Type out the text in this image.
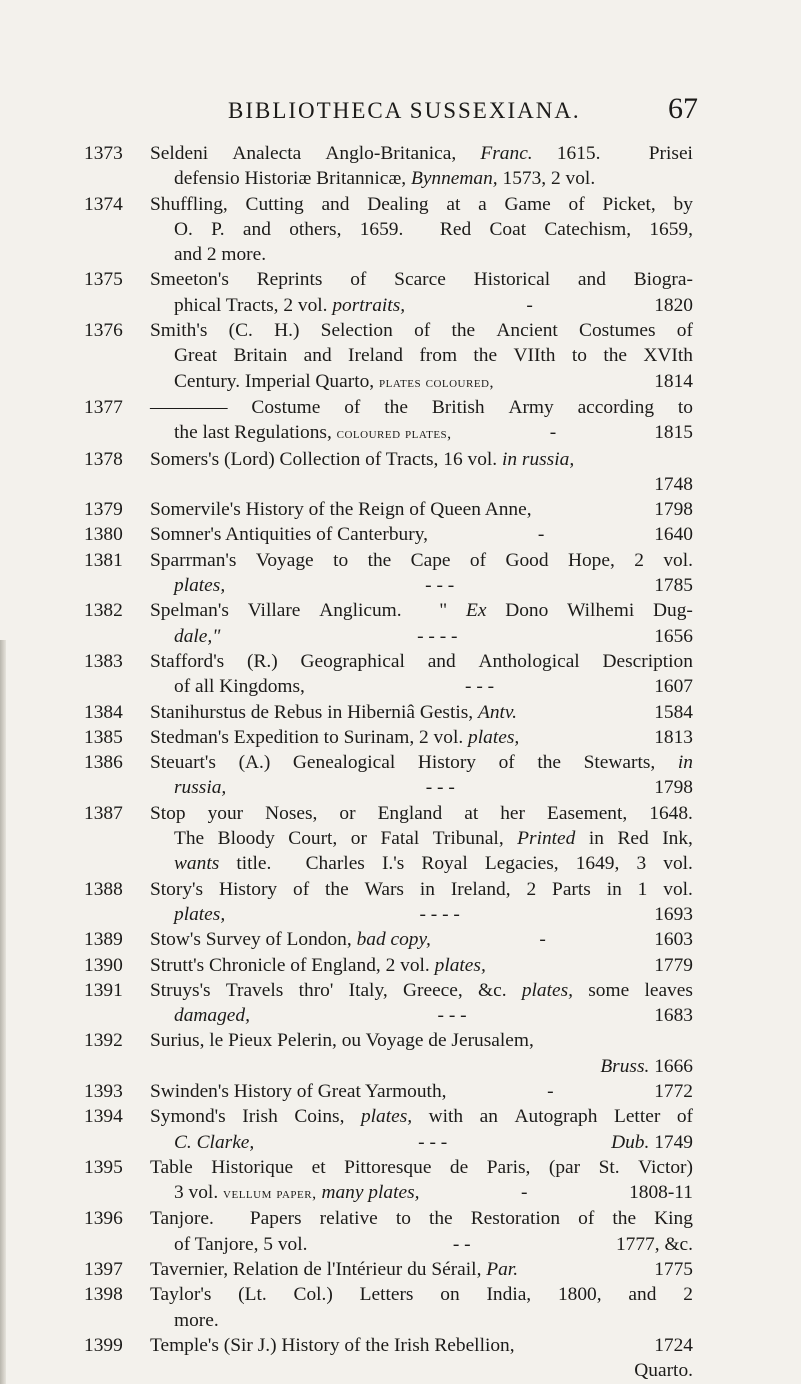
BIBLIOTHECA SUSSEXIANA.	67
1373	Seldeni Analecta Anglo-Britanica, Franc. 1615. Prisei
defensio Historiæ Britannicæ, Bynneman, 1573, 2 vol.
1374	Shuffling, Cutting and Dealing at a Game of Picket, by
O. P. and others, 1659. Red Coat Catechism, 1659,
and 2 more.
1375	Smeeton's Reprints of Scarce Historical and Biogra-
phical Tracts, 2 vol. portraits,	-	1820
1376	Smith's (C. H.) Selection of the Ancient Costumes of
Great Britain and Ireland from the VIIth to the XVIth
Century. Imperial Quarto, plates coloured,	1814
1377	———— Costume of the British Army according to
the last Regulations, coloured plates,	-	1815
1378	Somers's (Lord) Collection of Tracts, 16 vol. in russia,
1748
1379	Somervile's History of the Reign of Queen Anne,	1798
1380	Somner's Antiquities of Canterbury,	-	1640
1381	Sparrman's Voyage to the Cape of Good Hope, 2 vol.
plates,	- - -	1785
1382	Spelman's Villare Anglicum. " Ex Dono Wilhemi Dug-
dale,"	- - - -	1656
1383	Stafford's (R.) Geographical and Anthological Description
of all Kingdoms,	- - -	1607
1384	Stanihurstus de Rebus in Hiberniâ Gestis, Antv.	1584
1385	Stedman's Expedition to Surinam, 2 vol. plates,	1813
1386	Steuart's (A.) Genealogical History of the Stewarts, in
russia,	- - -	1798
1387	Stop your Noses, or England at her Easement, 1648.
The Bloody Court, or Fatal Tribunal, Printed in Red Ink,
wants title. Charles I.'s Royal Legacies, 1649, 3 vol.
1388	Story's History of the Wars in Ireland, 2 Parts in 1 vol.
plates,	- - - -	1693
1389	Stow's Survey of London, bad copy,	-	1603
1390	Strutt's Chronicle of England, 2 vol. plates,	1779
1391	Struys's Travels thro' Italy, Greece, &c. plates, some leaves
damaged,	- - -	1683
1392	Surius, le Pieux Pelerin, ou Voyage de Jerusalem,
Bruss. 1666
1393	Swinden's History of Great Yarmouth,	-	1772
1394	Symond's Irish Coins, plates, with an Autograph Letter of
C. Clarke,	- - -	Dub. 1749
1395	Table Historique et Pittoresque de Paris, (par St. Victor)
3 vol. vellum paper, many plates,	-	1808-11
1396	Tanjore. Papers relative to the Restoration of the King
of Tanjore, 5 vol.	- -	1777, &c.
1397	Tavernier, Relation de l'Intérieur du Sérail, Par.	1775
1398	Taylor's (Lt. Col.) Letters on India, 1800, and 2
more.
1399	Temple's (Sir J.) History of the Irish Rebellion,	1724
Quarto.
